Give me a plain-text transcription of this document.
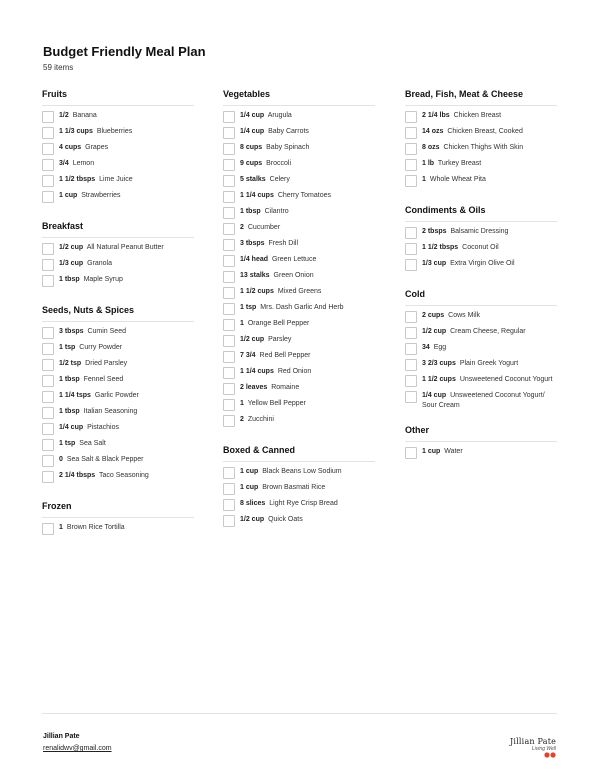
Budget Friendly Meal Plan
59 items
Fruits
1/2 Banana
1 1/3 cups Blueberries
4 cups Grapes
3/4 Lemon
1 1/2 tbsps Lime Juice
1 cup Strawberries
Breakfast
1/2 cup All Natural Peanut Butter
1/3 cup Granola
1 tbsp Maple Syrup
Seeds, Nuts & Spices
3 tbsps Cumin Seed
1 tsp Curry Powder
1/2 tsp Dried Parsley
1 tbsp Fennel Seed
1 1/4 tsps Garlic Powder
1 tbsp Italian Seasoning
1/4 cup Pistachios
1 tsp Sea Salt
0 Sea Salt & Black Pepper
2 1/4 tbsps Taco Seasoning
Frozen
1 Brown Rice Tortilla
Vegetables
1/4 cup Arugula
1/4 cup Baby Carrots
8 cups Baby Spinach
9 cups Broccoli
5 stalks Celery
1 1/4 cups Cherry Tomatoes
1 tbsp Cilantro
2 Cucumber
3 tbsps Fresh Dill
1/4 head Green Lettuce
13 stalks Green Onion
1 1/2 cups Mixed Greens
1 tsp Mrs. Dash Garlic And Herb
1 Orange Bell Pepper
1/2 cup Parsley
7 3/4 Red Bell Pepper
1 1/4 cups Red Onion
2 leaves Romaine
1 Yellow Bell Pepper
2 Zucchini
Boxed & Canned
1 cup Black Beans Low Sodium
1 cup Brown Basmati Rice
8 slices Light Rye Crisp Bread
1/2 cup Quick Oats
Bread, Fish, Meat & Cheese
2 1/4 lbs Chicken Breast
14 ozs Chicken Breast, Cooked
8 ozs Chicken Thighs With Skin
1 lb Turkey Breast
1 Whole Wheat Pita
Condiments & Oils
2 tbsps Balsamic Dressing
1 1/2 tbsps Coconut Oil
1/3 cup Extra Virgin Olive Oil
Cold
2 cups Cows Milk
1/2 cup Cream Cheese, Regular
34 Egg
3 2/3 cups Plain Greek Yogurt
1 1/2 cups Unsweetened Coconut Yogurt
1/4 cup Unsweetened Coconut Yogurt/ Sour Cream
Other
1 cup Water
Jillian Pate
renalidwv@gmail.com
Jillian Pate
Living Well
